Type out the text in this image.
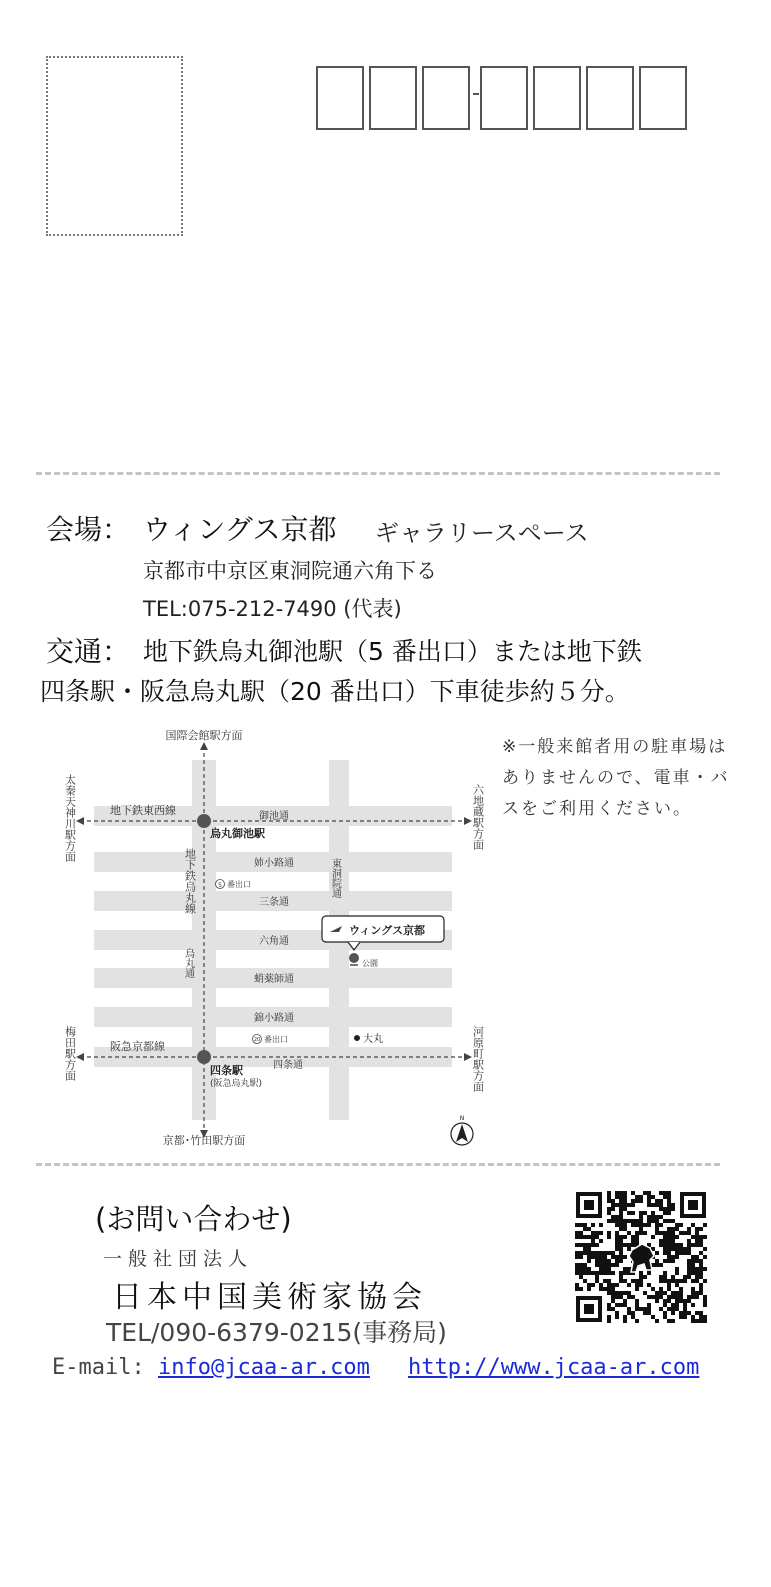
会場： ウィングス京都 ギャラリースペース
京都市中京区東洞院通六角下る
TEL:075-212-7490 (代表)
交通： 地下鉄烏丸御池駅（5 番出口）または地下鉄
四条駅・阪急烏丸駅（20 番出口）下車徒歩約５分。
国際会館駅方面
京都･竹田駅方面
太秦天神川駅方面	六地蔵駅方面
梅田駅方面	河原町駅方面
地下鉄東西線
阪急京都線
地下鉄烏丸線
烏丸御池駅
四条駅
(阪急烏丸駅)
御池通
姉小路通
三条通
六角通
蛸薬師通
錦小路通
四条通
烏丸通
東洞院通
5 番出口
20 番出口
ウィングス京都
公園
大丸
N
※一般来館者用の駐車場はありませんので、電車・バスをご利用ください。
(お問い合わせ)
一般社団法人
日本中国美術家協会
TEL/090-6379-0215(事務局)
E-mail: info@jcaa-ar.com http://www.jcaa-ar.com
